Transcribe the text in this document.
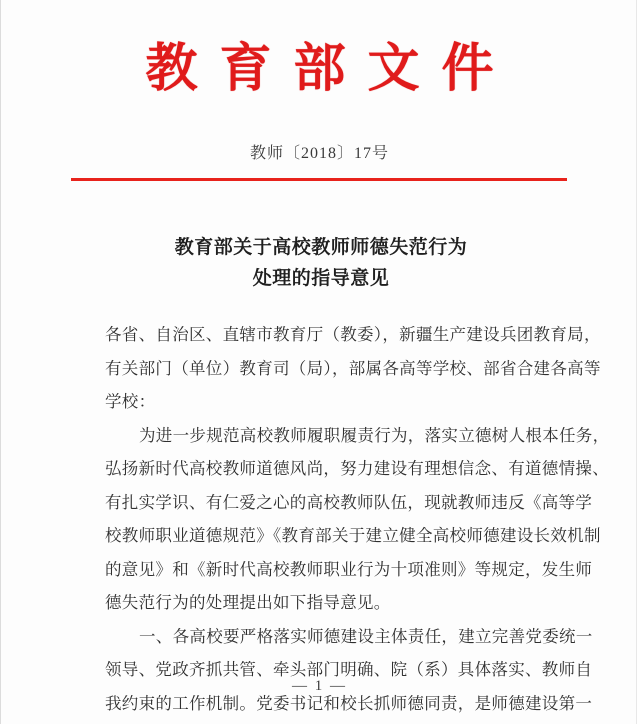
教育部文件
教师〔2018〕17号
教育部关于高校教师师德失范行为
处理的指导意见

各省、自治区、直辖市教育厅（教委），新疆生产建设兵团教育局，
有关部门（单位）教育司（局），部属各高等学校、部省合建各高等
学校：

为进一步规范高校教师履职履责行为，落实立德树人根本任务，
弘扬新时代高校教师道德风尚，努力建设有理想信念、有道德情操、
有扎实学识、有仁爱之心的高校教师队伍，现就教师违反《高等学
校教师职业道德规范》《教育部关于建立健全高校师德建设长效机制
的意见》和《新时代高校教师职业行为十项准则》等规定，发生师
德失范行为的处理提出如下指导意见。

一、各高校要严格落实师德建设主体责任，建立完善党委统一
领导、党政齐抓共管、牵头部门明确、院（系）具体落实、教师自
我约束的工作机制。党委书记和校长抓师德同责，是师德建设第一

— 1 —
